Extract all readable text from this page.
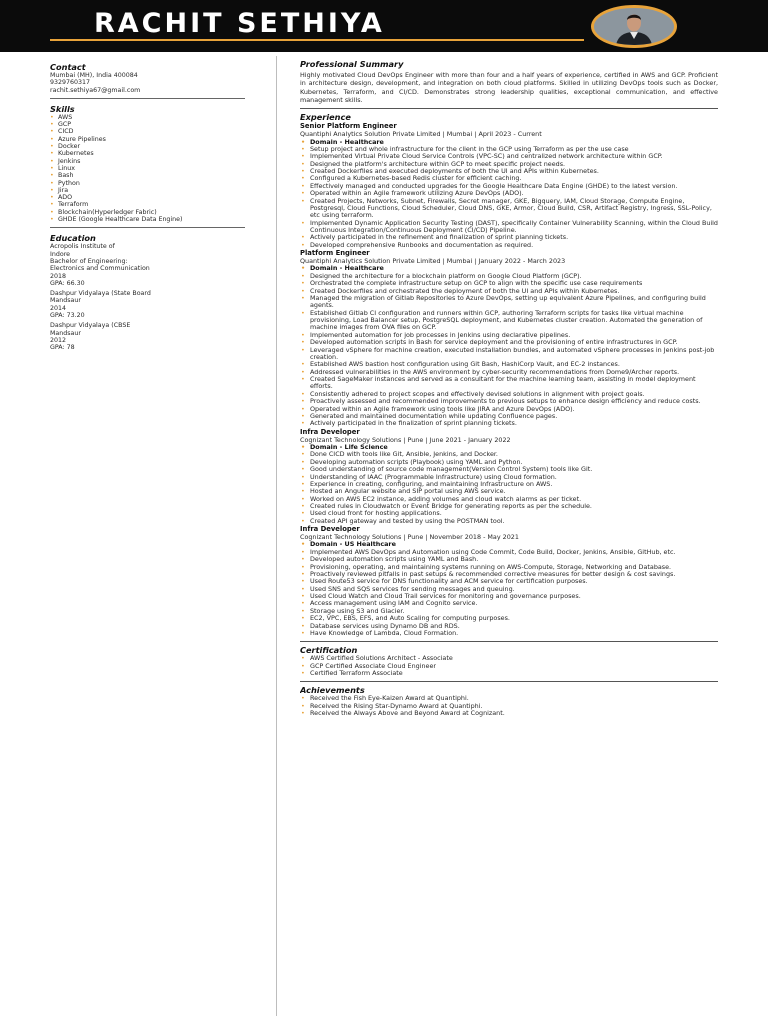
RACHIT SETHIYA
Contact
Mumbai (MH), India 400084
9329760317
rachit.sethiya67@gmail.com
Skills
• AWS
• GCP
• CICD
• Azure Pipelines
• Docker
• Kubernetes
• Jenkins
• Linux
• Bash
• Python
• Jira
• ADO
• Terraform
• Blockchain(Hyperledger Fabric)
• GHDE (Google Healthcare Data Engine)
Education
Acropolis Institute of
Indore
Bachelor of Engineering:
Electronics and Communication
2018
GPA: 66.30
Dashpur Vidyalaya (State Board
Mandsaur
2014
GPA: 73.20
Dashpur Vidyalaya (CBSE
Mandsaur
2012
GPA: 78
Professional Summary

Highly motivated Cloud DevOps Engineer with more than four and a half years of experience, certified in AWS and GCP. Proficient in architecture design, development, and integration on both cloud platforms. Skilled in utilizing DevOps tools such as Docker, Kubernetes, Terraform, and CI/CD. Demonstrates strong leadership qualities, exceptional communication, and effective management skills.

Experience
Senior Platform Engineer
Quantiphi Analytics Solution Private Limited | Mumbai | April 2023 - Current
• Domain - Healthcare
• Setup project and whole infrastructure for the client in the GCP using Terraform as per the use case
• Implemented Virtual Private Cloud Service Controls (VPC-SC) and centralized network architecture within GCP.
• Designed the platform's architecture within GCP to meet specific project needs.
• Created Dockerfiles and executed deployments of both the UI and APIs within Kubernetes.
• Configured a Kubernetes-based Redis cluster for efficient caching.
• Effectively managed and conducted upgrades for the Google Healthcare Data Engine (GHDE) to the latest version.
• Operated within an Agile framework utilizing Azure DevOps (ADO).
• Created Projects, Networks, Subnet, Firewalls, Secret manager, GKE, Bigquery, IAM, Cloud Storage, Compute Engine, Postgresql, Cloud Functions, Cloud Scheduler, Cloud DNS, GKE, Armor, Cloud Build, CSR, Artifact Registry, Ingress, SSL-Policy, etc using terraform.
• Implemented Dynamic Application Security Testing (DAST), specifically Container Vulnerability Scanning, within the Cloud Build Continuous Integration/Continuous Deployment (CI/CD) Pipeline.
• Actively participated in the refinement and finalization of sprint planning tickets.
• Developed comprehensive Runbooks and documentation as required.
Platform Engineer
Quantiphi Analytics Solution Private Limited | Mumbai | January 2022 - March 2023
• Domain - Healthcare
• Designed the architecture for a blockchain platform on Google Cloud Platform (GCP).
• Orchestrated the complete infrastructure setup on GCP to align with the specific use case requirements
• Created Dockerfiles and orchestrated the deployment of both the UI and APIs within Kubernetes.
• Managed the migration of Gitlab Repositories to Azure DevOps, setting up equivalent Azure Pipelines, and configuring build agents.
• Established Gitlab CI configuration and runners within GCP, authoring Terraform scripts for tasks like virtual machine provisioning, Load Balancer setup, PostgreSQL deployment, and Kubernetes cluster creation. Automated the generation of machine images from OVA files on GCP.
• Implemented automation for job processes in Jenkins using declarative pipelines.
• Developed automation scripts in Bash for service deployment and the provisioning of entire infrastructures in GCP.
• Leveraged vSphere for machine creation, executed installation bundles, and automated vSphere processes in Jenkins post-job creation.
• Established AWS bastion host configuration using Git Bash, HashiCorp Vault, and EC-2 instances.
• Addressed vulnerabilities in the AWS environment by cyber-security recommendations from Dome9/Archer reports.
• Created SageMaker instances and served as a consultant for the machine learning team, assisting in model deployment efforts.
• Consistently adhered to project scopes and effectively devised solutions in alignment with project goals.
• Proactively assessed and recommended improvements to previous setups to enhance design efficiency and reduce costs.
• Operated within an Agile framework using tools like JIRA and Azure DevOps (ADO).
• Generated and maintained documentation while updating Confluence pages.
• Actively participated in the finalization of sprint planning tickets.
Infra Developer
Cognizant Technology Solutions | Pune | June 2021 - January 2022
• Domain - Life Science
• Done CICD with tools like Git, Ansible, Jenkins, and Docker.
• Developing automation scripts (Playbook) using YAML and Python.
• Good understanding of source code management(Version Control System) tools like Git.
• Understanding of IAAC (Programmable Infrastructure) using Cloud formation.
• Experience in creating, configuring, and maintaining Infrastructure on AWS.
• Hosted an Angular website and SIP portal using AWS service.
• Worked on AWS EC2 instance, adding volumes and cloud watch alarms as per ticket.
• Created rules in Cloudwatch or Event Bridge for generating reports as per the schedule.
• Used cloud front for hosting applications.
• Created API gateway and tested by using the POSTMAN tool.
Infra Developer
Cognizant Technology Solutions | Pune | November 2018 - May 2021
• Domain - US Healthcare
• Implemented AWS DevOps and Automation using Code Commit, Code Build, Docker, Jenkins, Ansible, GitHub, etc.
• Developed automation scripts using YAML and Bash.
• Provisioning, operating, and maintaining systems running on AWS-Compute, Storage, Networking and Database.
• Proactively reviewed pitfalls in past setups & recommended corrective measures for better design & cost savings.
• Used Route53 service for DNS functionality and ACM service for certification purposes.
• Used SNS and SQS services for sending messages and queuing.
• Used Cloud Watch and Cloud Trail services for monitoring and governance purposes.
• Access management using IAM and Cognito service.
• Storage using S3 and Glacier.
• EC2, VPC, EBS, EFS, and Auto Scaling for computing purposes.
• Database services using Dynamo DB and RDS.
• Have Knowledge of Lambda, Cloud Formation.
Certification
• AWS Certified Solutions Architect - Associate
• GCP Certified Associate Cloud Engineer
• Certified Terraform Associate
Achievements
• Received the Fish Eye-Kaizen Award at Quantiphi.
• Received the Rising Star-Dynamo Award at Quantiphi.
• Received the Always Above and Beyond Award at Cognizant.
